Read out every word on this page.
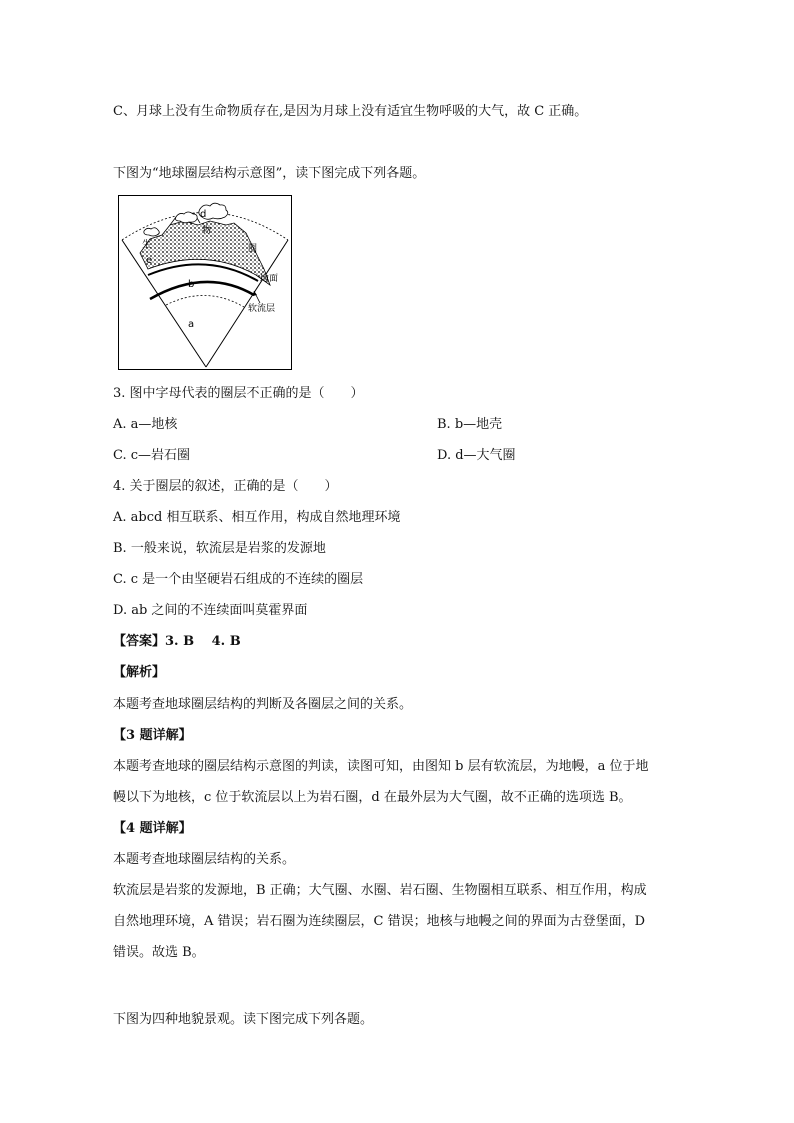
C、月球上没有生命物质存在,是因为月球上没有适宜生物呼吸的大气，故 C 正确。
下图为“地球圈层结构示意图”，读下图完成下列各题。
d
物
生
e
圈
地面
b
软流层
a
3. 图中字母代表的圈层不正确的是（　　）
A. a—地核	B. b—地壳
C. c—岩石圈	D. d—大气圈
4. 关于圈层的叙述，正确的是（　　）
A. abcd 相互联系、相互作用，构成自然地理环境
B. 一般来说，软流层是岩浆的发源地
C. c 是一个由坚硬岩石组成的不连续的圈层
D. ab 之间的不连续面叫莫霍界面
【答案】3. B　 4. B
【解析】
本题考查地球圈层结构的判断及各圈层之间的关系。
【3 题详解】
本题考查地球的圈层结构示意图的判读，读图可知，由图知 b 层有软流层，为地幔，a 位于地
幔以下为地核，c 位于软流层以上为岩石圈，d 在最外层为大气圈，故不正确的选项选 B。
【4 题详解】
本题考查地球圈层结构的关系。
软流层是岩浆的发源地，B 正确；大气圈、水圈、岩石圈、生物圈相互联系、相互作用，构成
自然地理环境，A 错误；岩石圈为连续圈层，C 错误；地核与地幔之间的界面为古登堡面，D
错误。故选 B。
下图为四种地貌景观。读下图完成下列各题。
